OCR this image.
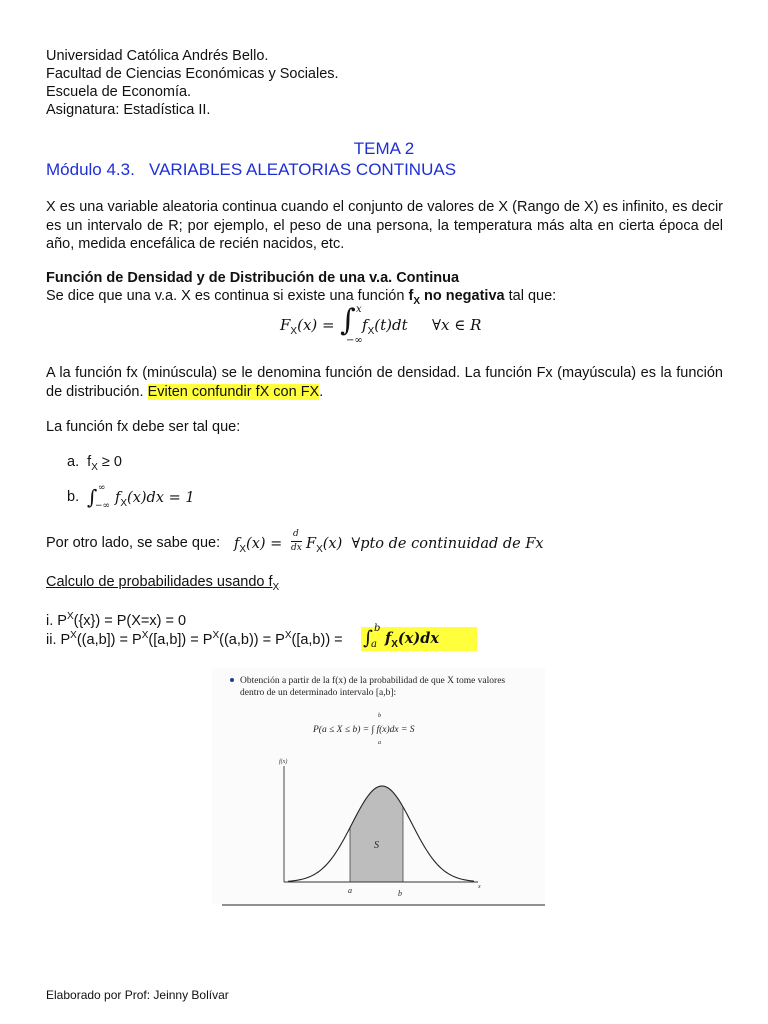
Universidad Católica Andrés Bello.
Facultad de Ciencias Económicas y Sociales.
Escuela de Economía.
Asignatura: Estadística II.
TEMA 2
Módulo 4.3.   VARIABLES ALEATORIAS CONTINUAS
X es una variable aleatoria continua cuando el conjunto de valores de X (Rango de X) es infinito, es decir es un intervalo de R; por ejemplo, el peso de una persona, la temperatura más alta en cierta época del año, medida encefálica de recién nacidos, etc.
Función de Densidad y de Distribución de una v.a. Continua
Se dice que una v.a. X es continua si existe una función $f_X$ no negativa tal que:
$F_X(x)$ = ∫ x
−∞
$f_X(t)dt$ ∀x ∈ R
A la función fx (minúscula) se le denomina función de densidad. La función Fx (mayúscula) es la función de distribución. Eviten confundir fX con FX.
La función fx debe ser tal que:
a.  $f_X \ge 0$
b. ∫ ∞
−∞ $f_X(x)dx = 1$
Por otro lado, se sabe que: $f_X(x)$ =
d
dx $F_X(x)$  ∀pto de continuidad de Fx
Calculo de probabilidades usando $f_X$
i. $P^X(\{x\}) = P(X=x) = 0$
ii. $P^X((a,b]) = P^X([a,b]) = P^X((a,b)) = P^X([a,b))$ = ∫ b
a $f_X(x)dx$
Obtención a partir de la f(x) de la probabilidad de que X tome valores
dentro de un determinado intervalo [a,b]:
P(a ≤ X ≤ b) = ∫ f(x)dx = S
b
a
f(x)
x
S
a	b
Elaborado por Prof: Jeinny Bolívar
